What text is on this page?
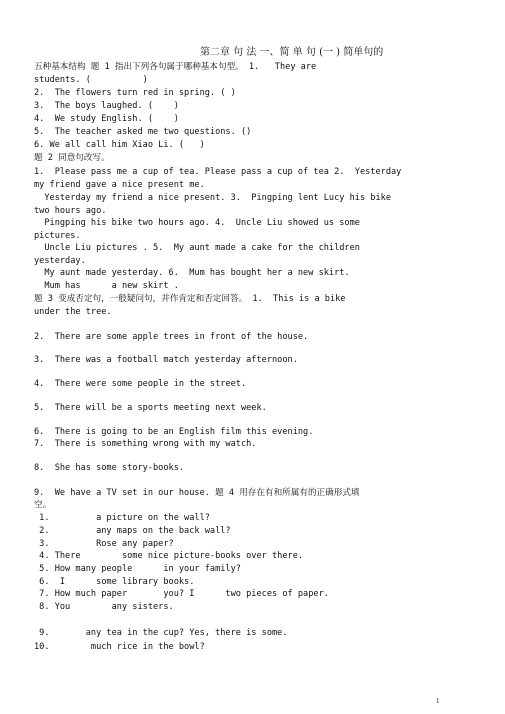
第二章 句 法 一、简 单 句 (一 ) 简单句的
五种基本结构 题 1 指出下列各句属于哪种基本句型。 1.   They are
students. (          )
2.  The flowers turn red in spring. ( )
3.  The boys laughed. (    )
4.  We study English. (    )
5.  The teacher asked me two questions. ()
6. We all call him Xiao Li. (   )
题 2 同意句改写。
1.  Please pass me a cup of tea. Please pass a cup of tea 2.  Yesterday
my friend gave a nice present me.
Yesterday my friend a nice present. 3.  Pingping lent Lucy his bike
two hours ago.
Pingping his bike two hours ago. 4.  Uncle Liu showed us some
pictures.
Uncle Liu pictures . 5.  My aunt made a cake for the children
yesterday.
My aunt made yesterday. 6.  Mum has bought her a new skirt.
Mum has      a new skirt .
题 3 变成否定句，一般疑问句，并作肯定和否定回答。 1.  This is a bike
under the tree.
2.  There are some apple trees in front of the house.
3.  There was a football match yesterday afternoon.
4.  There were some people in the street.
5.  There will be a sports meeting next week.
6.  There is going to be an English film this evening.
7.  There is something wrong with my watch.
8.  She has some story-books.
9.  We have a TV set in our house. 题 4 用存在有和所属有的正确形式填
空。
1.         a picture on the wall?
2.         any maps on the back wall?
3.         Rose any paper?
4. There        some nice picture-books over there.
5. How many people      in your family?
6.  I      some library books.
7. How much paper       you? I      two pieces of paper.
8. You        any sisters.
9.       any tea in the cup? Yes, there is some.
10.        much rice in the bowl?
1
